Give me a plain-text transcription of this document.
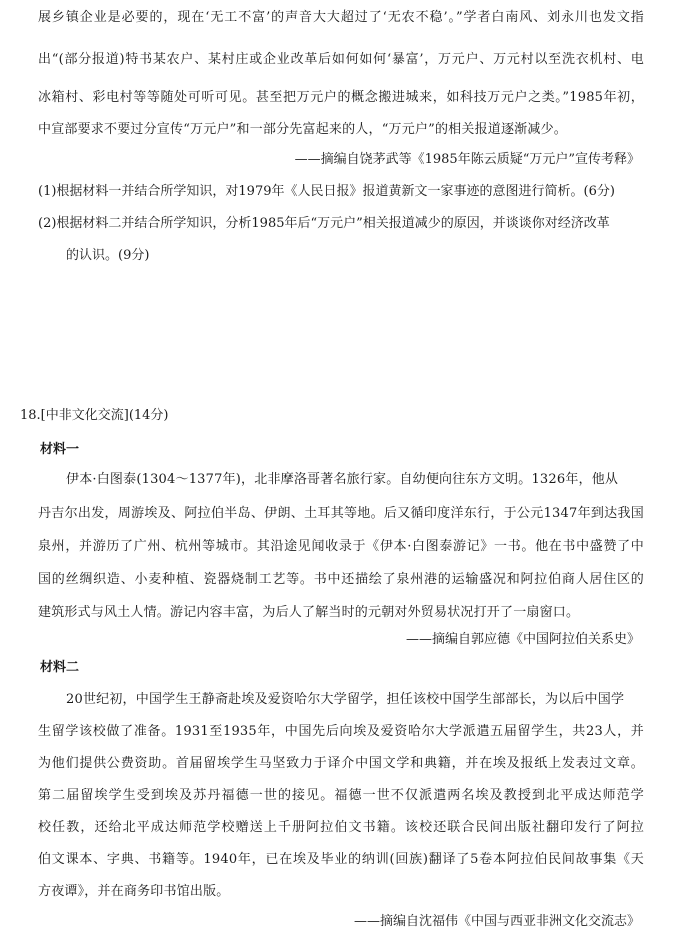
展乡镇企业是必要的，现在‘无工不富’的声音大大超过了‘无农不稳’。”学者白南风、刘永川也发文指
出“(部分报道)特书某农户、某村庄或企业改革后如何如何‘暴富’，万元户、万元村以至洗衣机村、电
冰箱村、彩电村等等随处可听可见。甚至把万元户的概念搬进城来，如科技万元户之类。”1985年初，
中宣部要求不要过分宣传“万元户”和一部分先富起来的人，“万元户”的相关报道逐渐减少。
——摘编自饶茅武等《1985年陈云质疑“万元户”宣传考释》
(1)根据材料一并结合所学知识，对1979年《人民日报》报道黄新文一家事迹的意图进行简析。(6分)
(2)根据材料二并结合所学知识，分析1985年后“万元户”相关报道减少的原因，并谈谈你对经济改革
的认识。(9分)
18.[中非文化交流](14分)
材料一
伊本·白图泰(1304～1377年)，北非摩洛哥著名旅行家。自幼便向往东方文明。1326年，他从
丹吉尔出发，周游埃及、阿拉伯半岛、伊朗、土耳其等地。后又循印度洋东行，于公元1347年到达我国
泉州，并游历了广州、杭州等城市。其沿途见闻收录于《伊本·白图泰游记》一书。他在书中盛赞了中
国的丝绸织造、小麦种植、瓷器烧制工艺等。书中还描绘了泉州港的运输盛况和阿拉伯商人居住区的
建筑形式与风土人情。游记内容丰富，为后人了解当时的元朝对外贸易状况打开了一扇窗口。
——摘编自郭应德《中国阿拉伯关系史》
材料二
20世纪初，中国学生王静斋赴埃及爱资哈尔大学留学，担任该校中国学生部部长，为以后中国学
生留学该校做了准备。1931至1935年，中国先后向埃及爱资哈尔大学派遣五届留学生，共23人，并
为他们提供公费资助。首届留埃学生马坚致力于译介中国文学和典籍，并在埃及报纸上发表过文章。
第二届留埃学生受到埃及苏丹福德一世的接见。福德一世不仅派遣两名埃及教授到北平成达师范学
校任教，还给北平成达师范学校赠送上千册阿拉伯文书籍。该校还联合民间出版社翻印发行了阿拉
伯文课本、字典、书籍等。1940年，已在埃及毕业的纳训(回族)翻译了5卷本阿拉伯民间故事集《天
方夜谭》，并在商务印书馆出版。
——摘编自沈福伟《中国与西亚非洲文化交流志》
